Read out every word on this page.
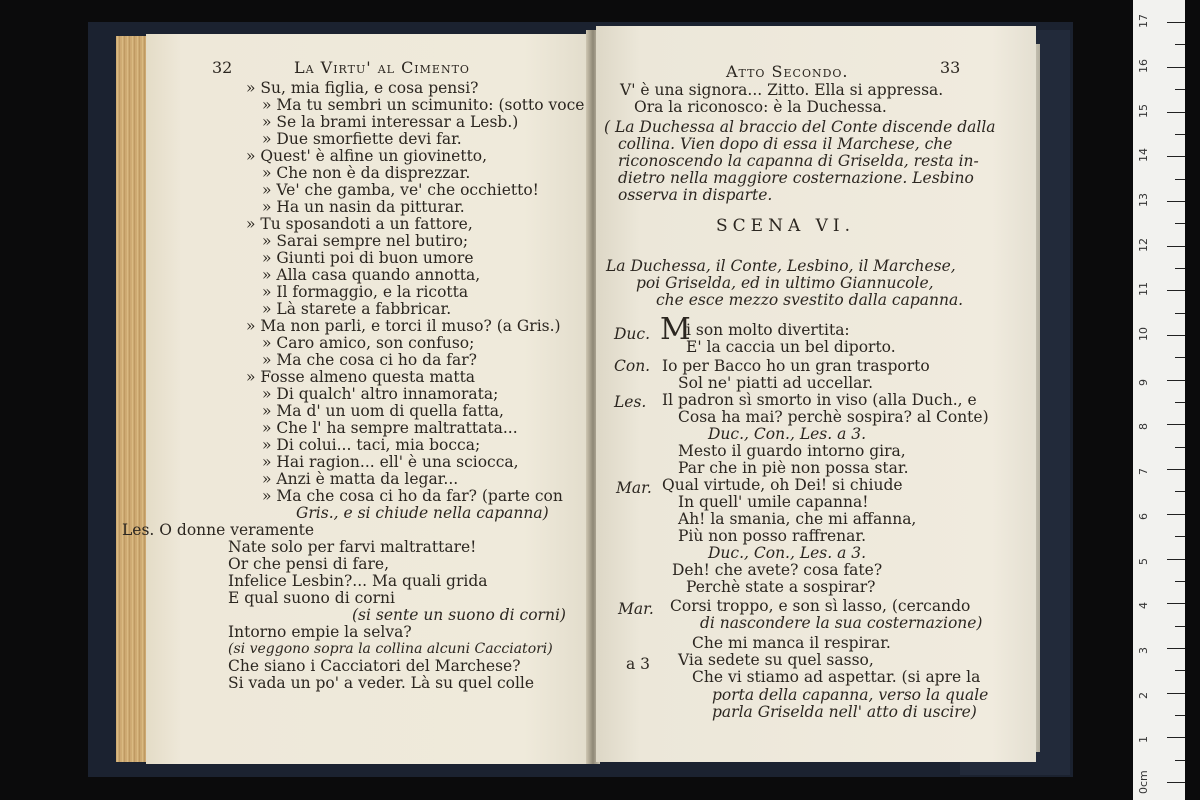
32	La Virtu' al Cimento
» Su, mia figlia, e cosa pensi?
» Ma tu sembri un scimunito: (sotto voce
» Se la brami interessar a Lesb.)
» Due smorfiette devi far.
» Quest' è alfine un giovinetto,
» Che non è da disprezzar.
» Ve' che gamba, ve' che occhietto!
» Ha un nasin da pitturar.
» Tu sposandoti a un fattore,
» Sarai sempre nel butiro;
» Giunti poi di buon umore
» Alla casa quando annotta,
» Il formaggio, e la ricotta
» Là starete a fabbricar.
» Ma non parli, e torci il muso? (a Gris.)
» Caro amico, son confuso;
» Ma che cosa ci ho da far?
» Fosse almeno questa matta
» Di qualch' altro innamorata;
» Ma d' un uom di quella fatta,
» Che l' ha sempre maltrattata...
» Di colui... taci, mia bocca;
» Hai ragion... ell' è una sciocca,
» Anzi è matta da legar...
» Ma che cosa ci ho da far? (parte con
Gris., e si chiude nella capanna)
Les. O donne veramente
Nate solo per farvi maltrattare!
Or che pensi di fare,
Infelice Lesbin?... Ma quali grida
E qual suono di corni
(si sente un suono di corni)
Intorno empie la selva?
(si veggono sopra la collina alcuni Cacciatori)
Che siano i Cacciatori del Marchese?
Si vada un po' a veder. Là su quel colle
Atto Secondo.	33
V' è una signora... Zitto. Ella si appressa.
Ora la riconosco: è la Duchessa.
( La Duchessa al braccio del Conte discende dalla
collina. Vien dopo di essa il Marchese, che
riconoscendo la capanna di Griselda, resta in-
dietro nella maggiore costernazione. Lesbino
osserva in disparte.
SCENA VI.
La Duchessa, il Conte, Lesbino, il Marchese,
poi Griselda, ed in ultimo Giannucole,
che esce mezzo svestito dalla capanna.
Duc. M
i son molto divertita:
E' la caccia un bel diporto.
Con. Io per Bacco ho un gran trasporto
Sol ne' piatti ad uccellar.
Les. Il padron sì smorto in viso (alla Duch., e
Cosa ha mai? perchè sospira? al Conte)
Duc., Con., Les. a 3.
Mesto il guardo intorno gira,
Par che in piè non possa star.
Mar. Qual virtude, oh Dei! si chiude
In quell' umile capanna!
Ah! la smania, che mi affanna,
Più non posso raffrenar.
Duc., Con., Les. a 3.
Deh! che avete? cosa fate?
Perchè state a sospirar?
Mar. Corsi troppo, e son sì lasso, (cercando
di nascondere la sua costernazione)
Che mi manca il respirar.
a 3 Via sedete su quel sasso,
Che vi stiamo ad aspettar. (si apre la
porta della capanna, verso la quale
parla Griselda nell' atto di uscire)
0cm
1
2
3
4
5
6
7
8
9
10
11
12
13
14
15
16
17
